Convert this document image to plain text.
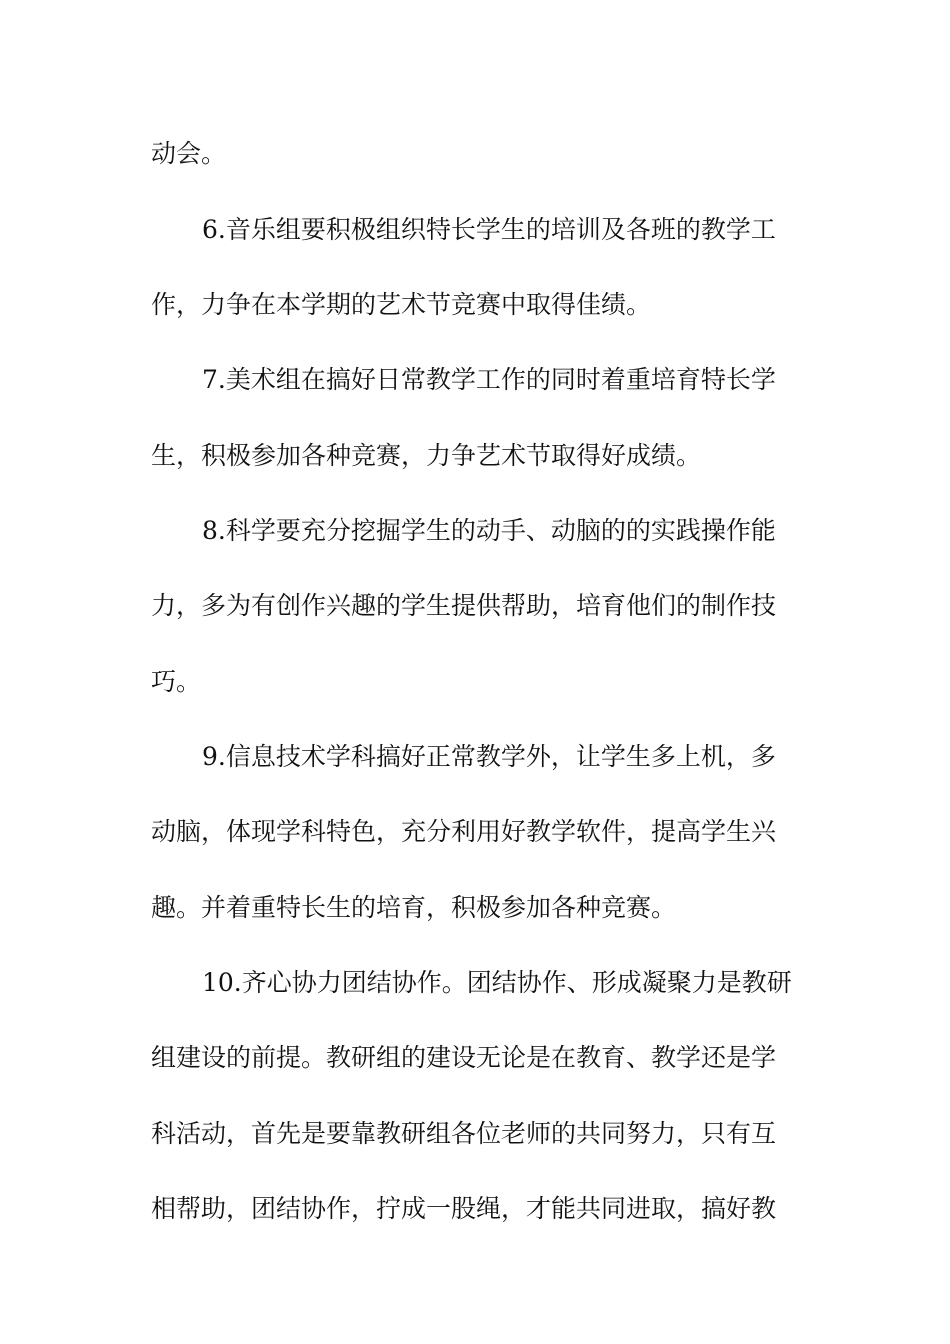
动会。
6.音乐组要积极组织特长学生的培训及各班的教学工
作，力争在本学期的艺术节竞赛中取得佳绩。
7.美术组在搞好日常教学工作的同时着重培育特长学
生，积极参加各种竞赛，力争艺术节取得好成绩。
8.科学要充分挖掘学生的动手、动脑的的实践操作能
力，多为有创作兴趣的学生提供帮助，培育他们的制作技
巧。
9.信息技术学科搞好正常教学外，让学生多上机，多
动脑，体现学科特色，充分利用好教学软件，提高学生兴
趣。并着重特长生的培育，积极参加各种竞赛。
10.齐心协力团结协作。团结协作、形成凝聚力是教研
组建设的前提。教研组的建设无论是在教育、教学还是学
科活动，首先是要靠教研组各位老师的共同努力，只有互
相帮助，团结协作，拧成一股绳，才能共同进取，搞好教
